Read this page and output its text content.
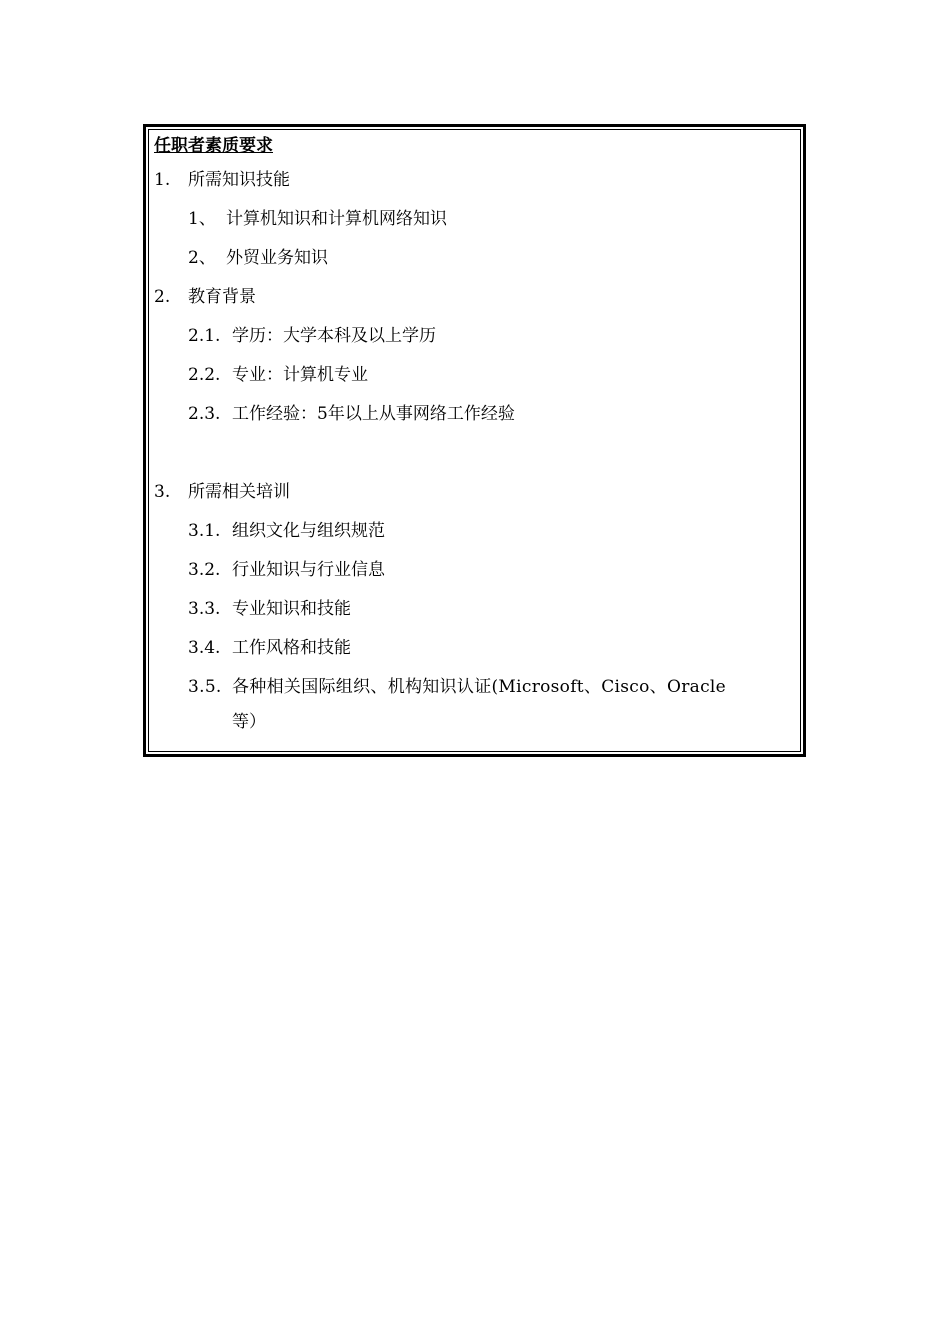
任职者素质要求
1. 所需知识技能
1、 计算机知识和计算机网络知识
2、 外贸业务知识
2. 教育背景
2.1. 学历：大学本科及以上学历
2.2. 专业：计算机专业
2.3. 工作经验：5年以上从事网络工作经验
3. 所需相关培训
3.1. 组织文化与组织规范
3.2. 行业知识与行业信息
3.3. 专业知识和技能
3.4. 工作风格和技能
3.5. 各种相关国际组织、机构知识认证(Microsoft、Cisco、Oracle
等）
